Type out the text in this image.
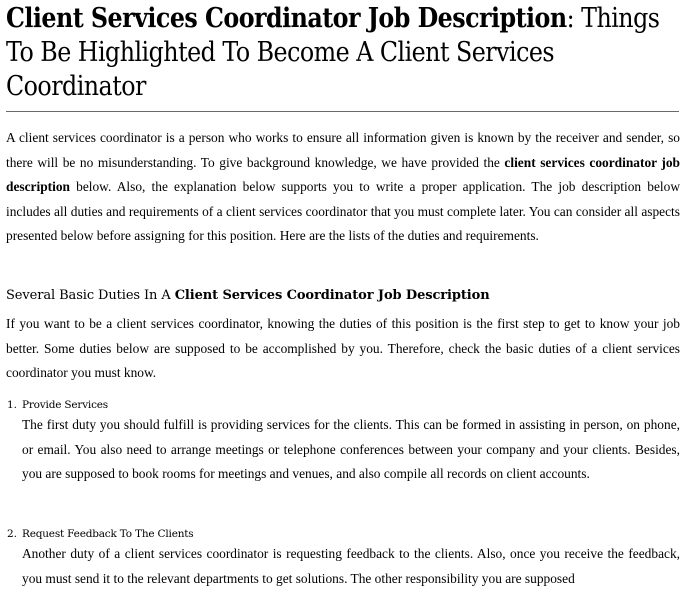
Client Services Coordinator Job Description: Things To Be Highlighted To Become A Client Services Coordinator

A client services coordinator is a person who works to ensure all information given is known by the receiver and sender, so there will be no misunderstanding. To give background knowledge, we have provided the client services coordinator job description below. Also, the explanation below supports you to write a proper application. The job description below includes all duties and requirements of a client services coordinator that you must complete later. You can consider all aspects presented below before assigning for this position. Here are the lists of the duties and requirements.

Several Basic Duties In A Client Services Coordinator Job Description

If you want to be a client services coordinator, knowing the duties of this position is the first step to get to know your job better. Some duties below are supposed to be accomplished by you. Therefore, check the basic duties of a client services coordinator you must know.

1. Provide Services

The first duty you should fulfill is providing services for the clients. This can be formed in assisting in person, on phone, or email. You also need to arrange meetings or telephone conferences between your company and your clients. Besides, you are supposed to book rooms for meetings and venues, and also compile all records on client accounts.

2. Request Feedback To The Clients

Another duty of a client services coordinator is requesting feedback to the clients. Also, once you receive the feedback, you must send it to the relevant departments to get solutions. The other responsibility you are supposed
